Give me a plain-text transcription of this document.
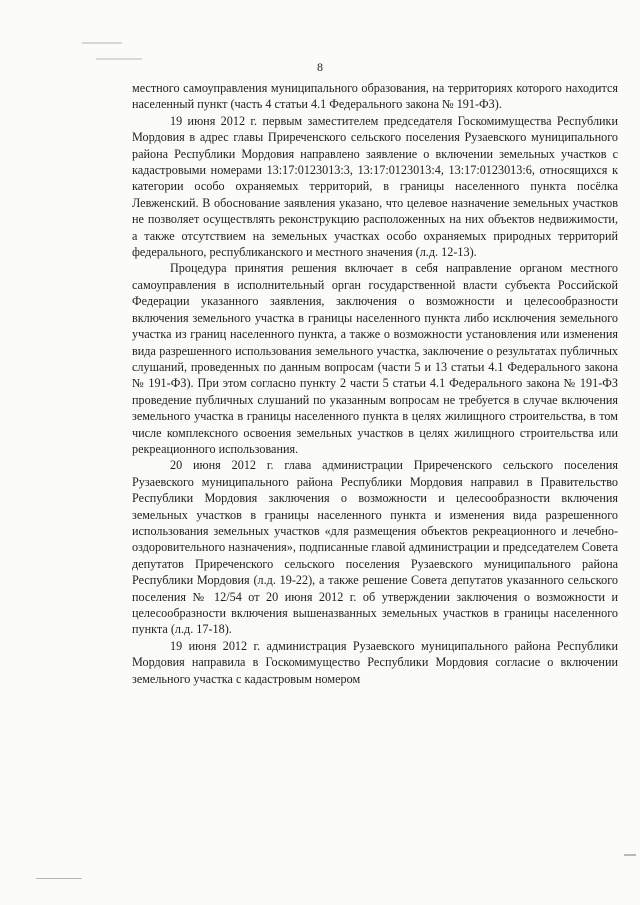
8

местного самоуправления муниципального образования, на территориях которого находится населенный пункт (часть 4 статьи 4.1 Федерального закона № 191-ФЗ).

19 июня 2012 г. первым заместителем председателя Госкомимущества Республики Мордовия в адрес главы Приреченского сельского поселения Рузаевского муниципального района Республики Мордовия направлено заявление о включении земельных участков с кадастровыми номерами 13:17:0123013:3, 13:17:0123013:4, 13:17:0123013:6, относящихся к категории особо охраняемых территорий, в границы населенного пункта посёлка Левженский. В обоснование заявления указано, что целевое назначение земельных участков не позволяет осуществлять реконструкцию расположенных на них объектов недвижимости, а также отсутствием на земельных участках особо охраняемых природных территорий федерального, республиканского и местного значения (л.д. 12-13).

Процедура принятия решения включает в себя направление органом местного самоуправления в исполнительный орган государственной власти субъекта Российской Федерации указанного заявления, заключения о возможности и целесообразности включения земельного участка в границы населенного пункта либо исключения земельного участка из границ населенного пункта, а также о возможности установления или изменения вида разрешенного использования земельного участка, заключение о результатах публичных слушаний, проведенных по данным вопросам (части 5 и 13 статьи 4.1 Федерального закона № 191-ФЗ). При этом согласно пункту 2 части 5 статьи 4.1 Федерального закона № 191-ФЗ проведение публичных слушаний по указанным вопросам не требуется в случае включения земельного участка в границы населенного пункта в целях жилищного строительства, в том числе комплексного освоения земельных участков в целях жилищного строительства или рекреационного использования.

20 июня 2012 г. глава администрации Приреченского сельского поселения Рузаевского муниципального района Республики Мордовия направил в Правительство Республики Мордовия заключения о возможности и целесообразности включения земельных участков в границы населенного пункта и изменения вида разрешенного использования земельных участков «для размещения объектов рекреационного и лечебно-оздоровительного назначения», подписанные главой администрации и председателем Совета депутатов Приреченского сельского поселения Рузаевского муниципального района Республики Мордовия (л.д. 19-22), а также решение Совета депутатов указанного сельского поселения № 12/54 от 20 июня 2012 г. об утверждении заключения о возможности и целесообразности включения вышеназванных земельных участков в границы населенного пункта (л.д. 17-18).

19 июня 2012 г. администрация Рузаевского муниципального района Республики Мордовия направила в Госкомимущество Республики Мордовия согласие о включении земельного участка с кадастровым номером
